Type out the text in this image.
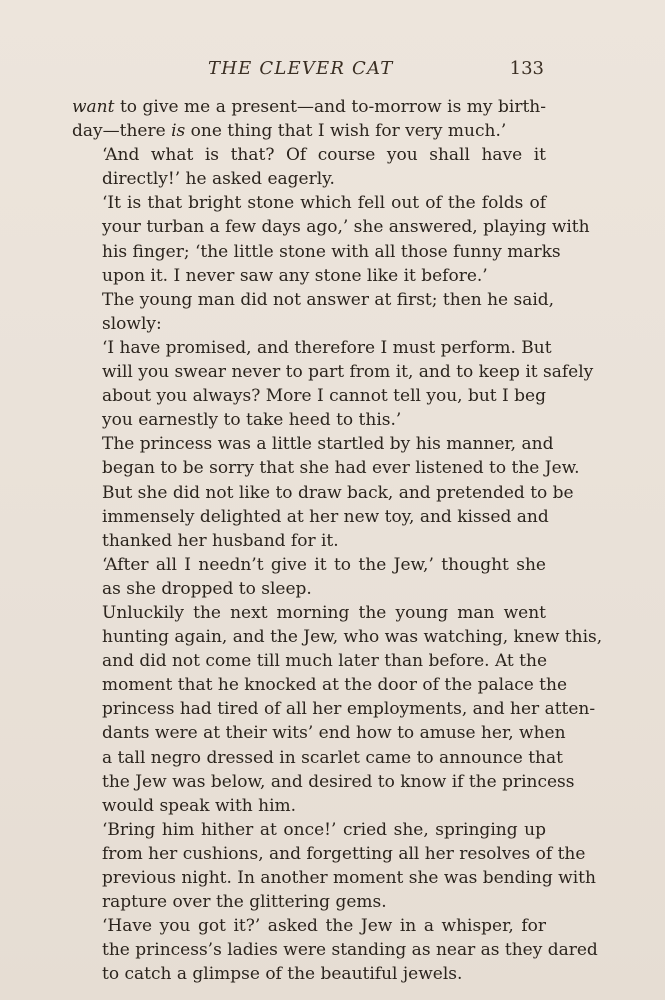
THE CLEVER CAT	133

want to give me a present—and to-morrow is my birth-
day—there is one thing that I wish for very much.’

‘And what is that? Of course you shall have it
directly!’ he asked eagerly.

‘It is that bright stone which fell out of the folds of
your turban a few days ago,’ she answered, playing with
his finger; ‘the little stone with all those funny marks
upon it. I never saw any stone like it before.’

The young man did not answer at first; then he said,
slowly:

‘I have promised, and therefore I must perform. But
will you swear never to part from it, and to keep it safely
about you always? More I cannot tell you, but I beg
you earnestly to take heed to this.’

The princess was a little startled by his manner, and
began to be sorry that she had ever listened to the Jew.
But she did not like to draw back, and pretended to be
immensely delighted at her new toy, and kissed and
thanked her husband for it.

‘After all I needn’t give it to the Jew,’ thought she
as she dropped to sleep.

Unluckily the next morning the young man went
hunting again, and the Jew, who was watching, knew this,
and did not come till much later than before. At the
moment that he knocked at the door of the palace the
princess had tired of all her employments, and her atten-
dants were at their wits’ end how to amuse her, when
a tall negro dressed in scarlet came to announce that
the Jew was below, and desired to know if the princess
would speak with him.

‘Bring him hither at once!’ cried she, springing up
from her cushions, and forgetting all her resolves of the
previous night. In another moment she was bending with
rapture over the glittering gems.

‘Have you got it?’ asked the Jew in a whisper, for
the princess’s ladies were standing as near as they dared
to catch a glimpse of the beautiful jewels.
